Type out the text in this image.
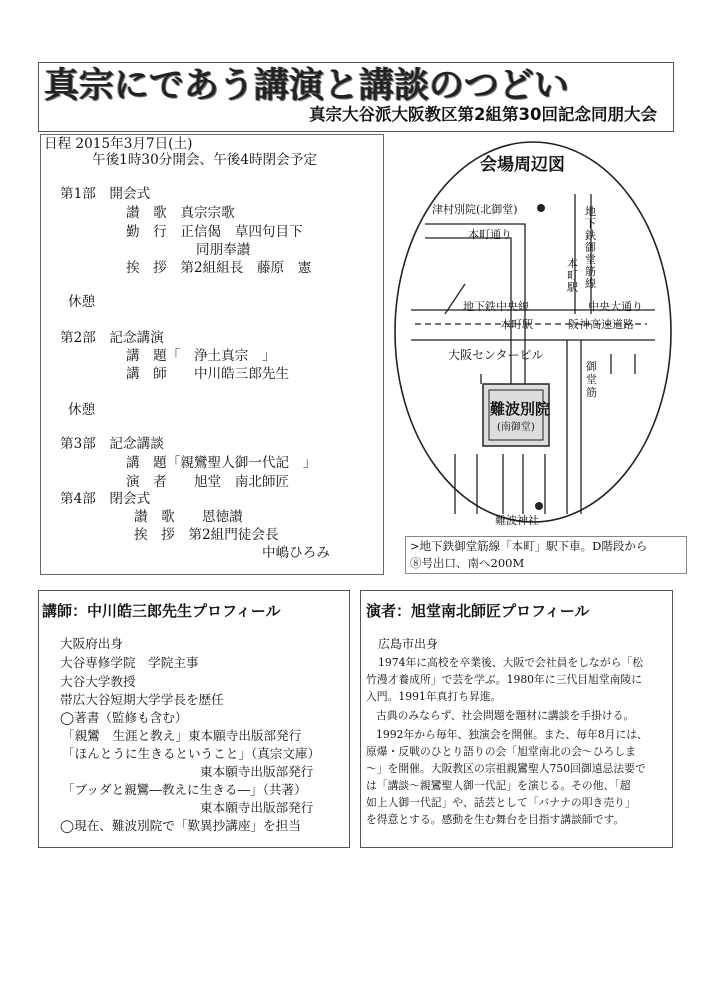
真宗にであう講演と講談のつどい
真宗大谷派大阪教区第2組第30回記念同朋大会
日程 2015年3月7日(土)
午後1時30分開会、午後4時閉会予定
第1部　開会式
讃　歌　真宗宗歌
勤　行　正信偈　草四句目下
同朋奉讃
挨　拶　第2組組長　藤原　憲
休憩
第2部　記念講演
講　題「　浄土真宗　」
講　師　　中川皓三郎先生
休憩
第3部　記念講談
講　題「親鸞聖人御一代記　」
演　者　　旭堂　南北師匠
第4部　閉会式
讃　歌　　恩徳讃
挨　拶　第2組門徒会長
中嶋ひろみ
会場周辺図
津村別院(北御堂)
本町通り
地下鉄御堂筋線
本町駅
地下鉄中央線	中央大通り
本町駅	阪神高速道路
大阪センタービル
御堂筋
難波別院
(南御堂)
難波神社
>地下鉄御堂筋線「本町」駅下車。D階段から
⑧号出口、南へ200M
講師：中川皓三郎先生プロフィール
大阪府出身
大谷専修学院　学院主事
大谷大学教授
帯広大谷短期大学学長を歴任
◯著書（監修も含む）
「親鸞　生涯と教え」東本願寺出版部発行
「ほんとうに生きるということ」（真宗文庫）
東本願寺出版部発行
「ブッダと親鸞―教えに生きる―」（共著）
東本願寺出版部発行
◯現在、難波別院で「歎異抄講座」を担当
演者：旭堂南北師匠プロフィール
広島市出身
1974年に高校を卒業後、大阪で会社員をしながら「松
竹漫才養成所」で芸を学ぶ。1980年に三代目旭堂南陵に
入門。1991年真打ち昇進。
古典のみならず、社会問題を題材に講談を手掛ける。
1992年から毎年、独演会を開催。また、毎年8月には、
原爆・反戦のひとり語りの会「旭堂南北の会～ひろしま
～」を開催。大阪教区の宗祖親鸞聖人750回御遠忌法要で
は「講談～親鸞聖人御一代記」を演じる。その他、「超
如上人御一代記」や、話芸として「バナナの叩き売り」
を得意とする。感動を生む舞台を目指す講談師です。
